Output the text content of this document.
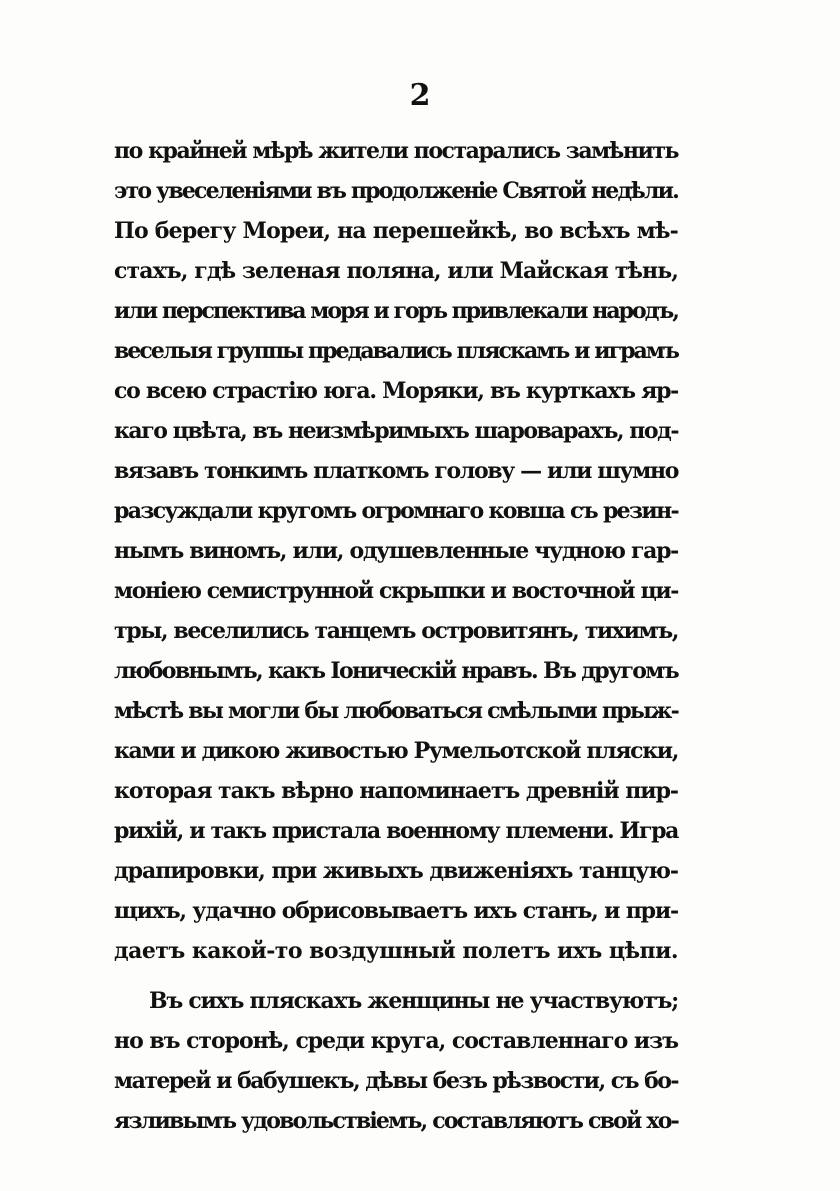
2
по крайней мѣрѣ жители постарались замѣнить
это увеселеніями въ продолженіе Святой недѣли.
По берегу Мореи, на перешейкѣ, во всѣхъ мѣ-
стахъ, гдѣ зеленая поляна, или Майская тѣнь,
или перспектива моря и горъ привлекали народъ,
веселыя группы предавались пляскамъ и играмъ
со всею страстію юга. Моряки, въ курткахъ яр-
каго цвѣта, въ неизмѣримыхъ шароварахъ, под-
вязавъ тонкимъ платкомъ голову — или шумно
разсуждали кругомъ огромнаго ковша съ резин-
нымъ виномъ, или, одушевленные чудною гар-
моніею семиструнной скрыпки и восточной ци-
тры, веселились танцемъ островитянъ, тихимъ,
любовнымъ, какъ Іоническій нравъ. Въ другомъ
мѣстѣ вы могли бы любоваться смѣлыми прыж-
ками и дикою живостью Румельотской пляски,
которая такъ вѣрно напоминаетъ древній пир-
рихій, и такъ пристала военному племени. Игра
драпировки, при живыхъ движеніяхъ танцую-
щихъ, удачно обрисовываетъ ихъ станъ, и при-
даетъ какой-то воздушный полетъ ихъ цѣпи.
Въ сихъ пляскахъ женщины не участвуютъ;
но въ сторонѣ, среди круга, составленнаго изъ
матерей и бабушекъ, дѣвы безъ рѣзвости, съ бо-
язливымъ удовольствіемъ, составляютъ свой хо-
